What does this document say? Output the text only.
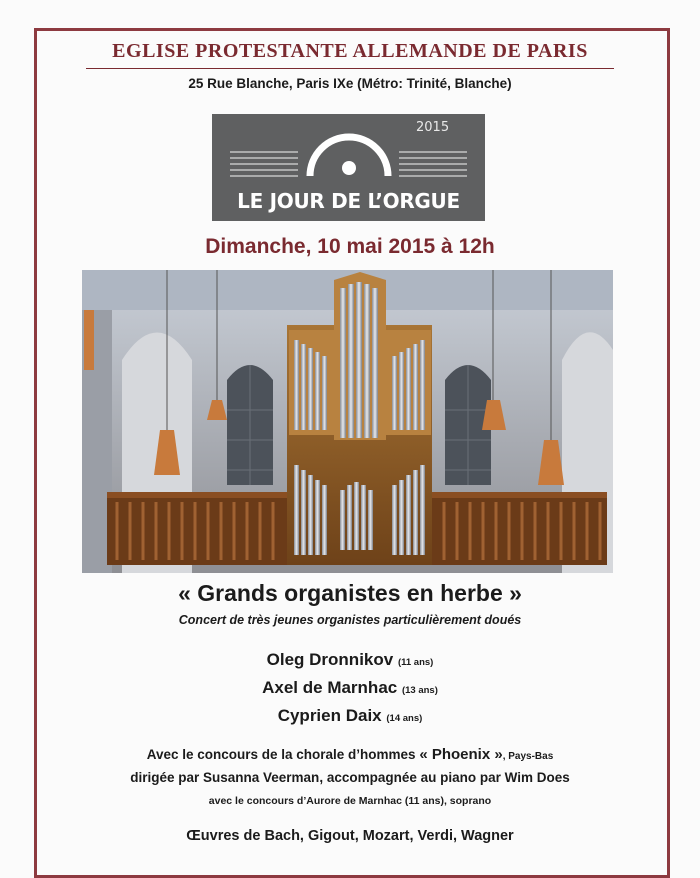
EGLISE PROTESTANTE ALLEMANDE DE PARIS
25 Rue Blanche, Paris IXe (Métro: Trinité, Blanche)
2015
LE JOUR DE L’ORGUE
Dimanche, 10 mai 2015 à 12h
« Grands organistes en herbe »
Concert de très jeunes organistes particulièrement doués
Oleg Dronnikov (11 ans)
Axel de Marnhac (13 ans)
Cyprien Daix (14 ans)
Avec le concours de la chorale d’hommes « Phoenix », Pays-Bas
dirigée par Susanna Veerman, accompagnée au piano par Wim Does
avec le concours d’Aurore de Marnhac (11 ans), soprano
Œuvres de Bach, Gigout, Mozart, Verdi, Wagner
